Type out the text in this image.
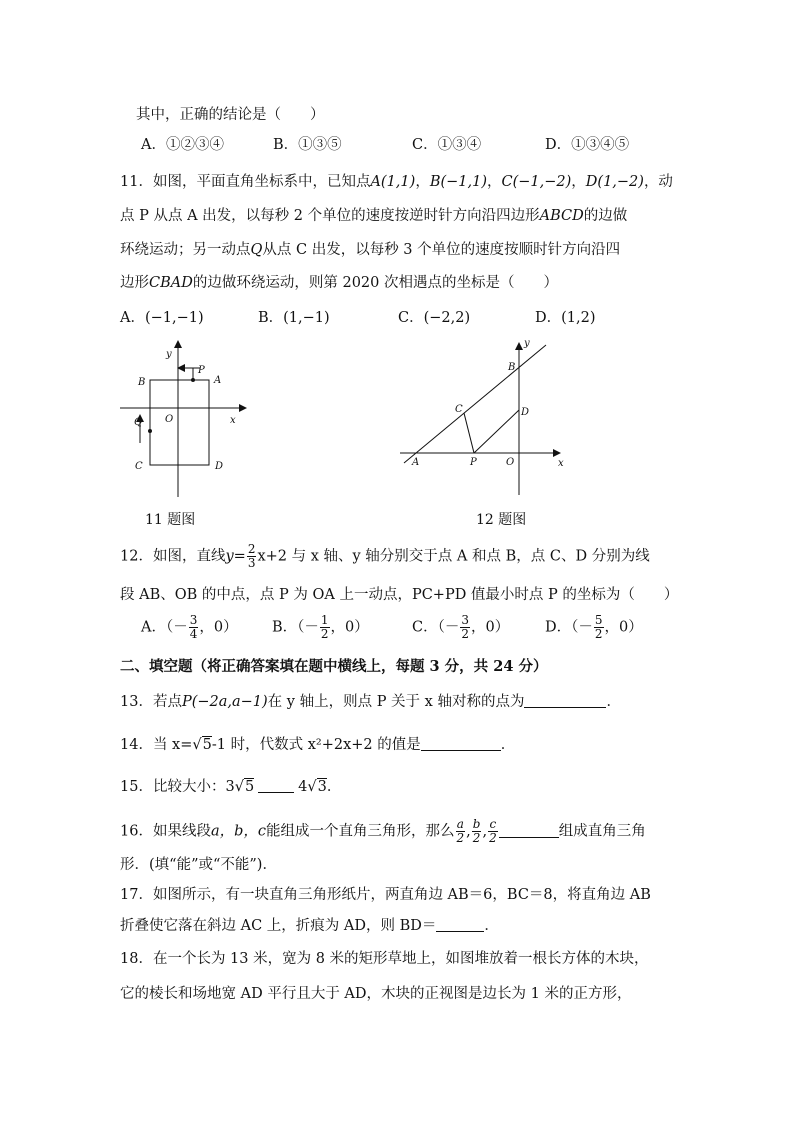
其中，正确的结论是（　　）
A．①②③④	B．①③⑤	C．①③④	D．①③④⑤
11．如图，平面直角坐标系中，已知点A(1,1)，B(−1,1)，C(−1,−2)，D(1,−2)，动
点 P 从点 A 出发，以每秒 2 个单位的速度按逆时针方向沿四边形ABCD的边做
环绕运动；另一动点Q从点 C 出发，以每秒 3 个单位的速度按顺时针方向沿四
边形CBAD的边做环绕运动，则第 2020 次相遇点的坐标是（　　）
A．(−1,−1)	B．(1,−1)	C．(−2,2)	D．(1,2)
y
x
O
A
B
C	D
P
Q
11 题图
y
x
O
A
B
C	D
P
12 题图
12．如图，直线$y= \frac{2}{3} x+2$ 与 x 轴、y 轴分别交于点 A 和点 B，点 C、D 分别为线
段 AB、OB 的中点，点 P 为 OA 上一动点，PC+PD 值最小时点 P 的坐标为（　　）
A．（－ $\frac{3}{4}$ ，0） B．（－ $\frac{1}{2}$ ，0）	C．（－ $\frac{3}{2}$ ，0） D．（－ $\frac{5}{2}$ ，0）
二、填空题（将正确答案填在题中横线上，每题 3 分，共 24 分）
13．若点P(−2a,a−1)在 y 轴上，则点 P 关于 x 轴对称的点为	．
14．当 x=√5-1 时，代数式 x²+2x+2 的值是	．
15．比较大小：3√5	4√3．
16．如果线段a，b，c能组成一个直角三角形，那么 $\frac{a}{2}$ , $\frac{b}{2}$ , $\frac{c}{2}$	组成直角三角
形．(填“能”或“不能”)．
17．如图所示，有一块直角三角形纸片，两直角边 AB＝6，BC＝8，将直角边 AB
折叠使它落在斜边 AC 上，折痕为 AD，则 BD＝	．
18．在一个长为 13 米，宽为 8 米的矩形草地上，如图堆放着一根长方体的木块，
它的棱长和场地宽 AD 平行且大于 AD，木块的正视图是边长为 1 米的正方形，
